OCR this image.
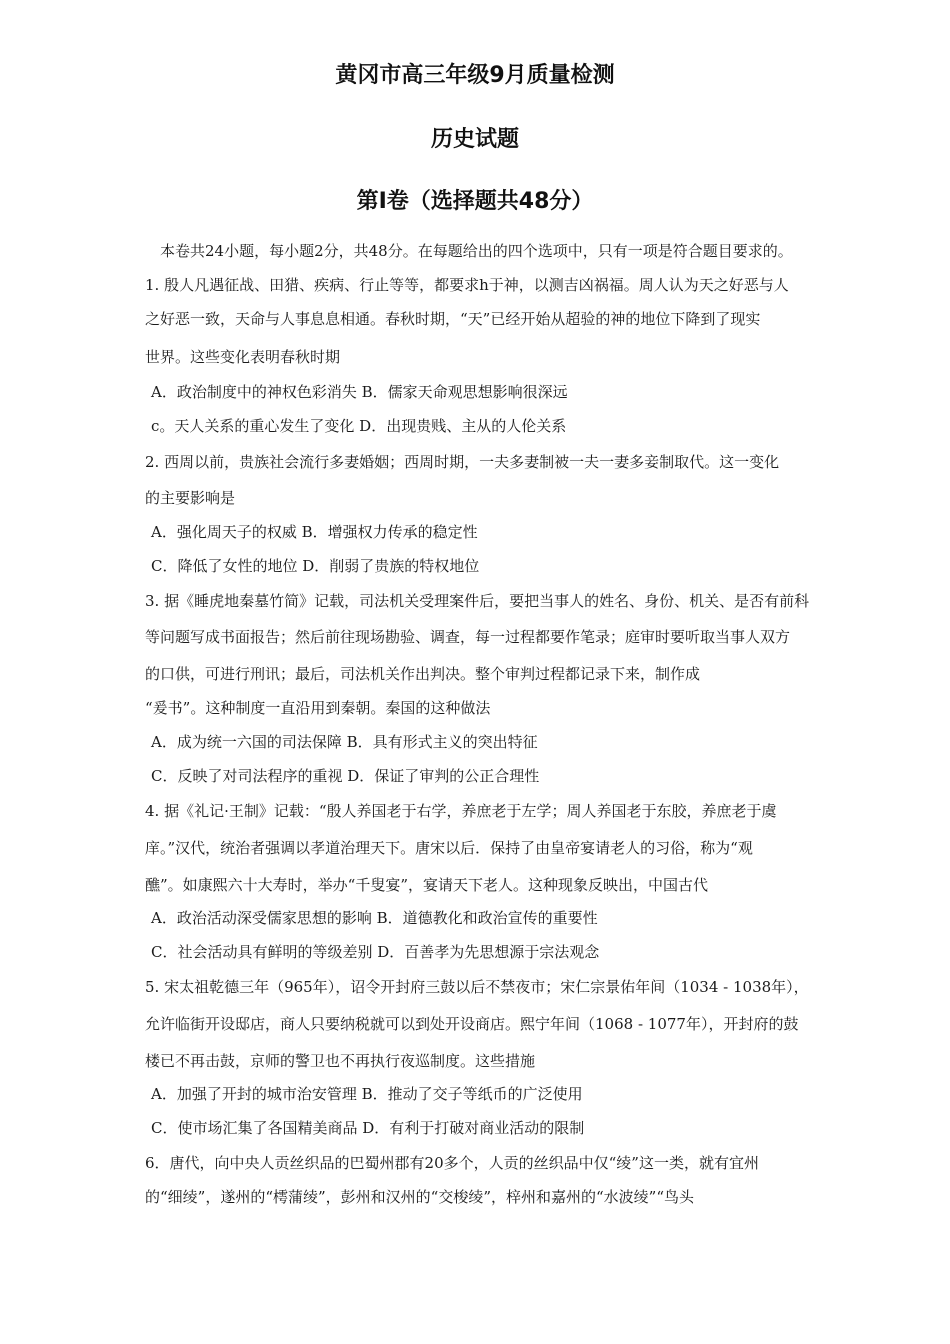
黄冈市高三年级9月质量检测
历史试题
第I卷（选择题共48分）
本卷共24小题，每小题2分，共48分。在每题给出的四个选项中，只有一项是符合题目要求的。
1. 殷人凡遇征战、田猎、疾病、行止等等，都要求h于神，以测吉凶祸福。周人认为天之好恶与人
之好恶一致，天命与人事息息相通。春秋时期，“天”已经开始从超验的神的地位下降到了现实
世界。这些变化表明春秋时期
A．政治制度中的神权色彩消失 B．儒家天命观思想影响很深远
c。天人关系的重心发生了变化 D．出现贵贱、主从的人伦关系
2. 西周以前，贵族社会流行多妻婚姻；西周时期，一夫多妻制被一夫一妻多妾制取代。这一变化
的主要影响是
A．强化周天子的权威 B．增强权力传承的稳定性
C．降低了女性的地位 D．削弱了贵族的特权地位
3. 据《睡虎地秦墓竹简》记载，司法机关受理案件后，要把当事人的姓名、身份、机关、是否有前科
等问题写成书面报告；然后前往现场勘验、调查，每一过程都要作笔录；庭审时要听取当事人双方
的口供，可进行刑讯；最后，司法机关作出判决。整个审判过程都记录下来，制作成
“爰书”。这种制度一直沿用到秦朝。秦国的这种做法
A．成为统一六国的司法保障 B．具有形式主义的突出特征
C．反映了对司法程序的重视 D．保证了审判的公正合理性
4. 据《礼记·王制》记载：“殷人养国老于右学，养庶老于左学；周人养国老于东胶，养庶老于虞
庠。”汉代，统治者强调以孝道治理天下。唐宋以后．保持了由皇帝宴请老人的习俗，称为“观
醮”。如康熙六十大寿时，举办“千叟宴”，宴请天下老人。这种现象反映出，中国古代
A．政治活动深受儒家思想的影响 B．道德教化和政治宣传的重要性
C．社会活动具有鲜明的等级差别 D．百善孝为先思想源于宗法观念
5. 宋太祖乾德三年（965年），诏令开封府三鼓以后不禁夜市；宋仁宗景佑年间（1034 - 1038年），
允许临街开设邸店，商人只要纳税就可以到处开设商店。熙宁年间（1068 - 1077年），开封府的鼓
楼已不再击鼓，京师的警卫也不再执行夜巡制度。这些措施
A．加强了开封的城市治安管理 B．推动了交子等纸币的广泛使用
C．使市场汇集了各国精美商品 D．有利于打破对商业活动的限制
6．唐代，向中央人贡丝织品的巴蜀州郡有20多个，人贡的丝织品中仅“绫”这一类，就有宜州
的“细绫”，遂州的“樗蒲绫”，彭州和汉州的“交梭绫”，梓州和嘉州的“水波绫”“鸟头
